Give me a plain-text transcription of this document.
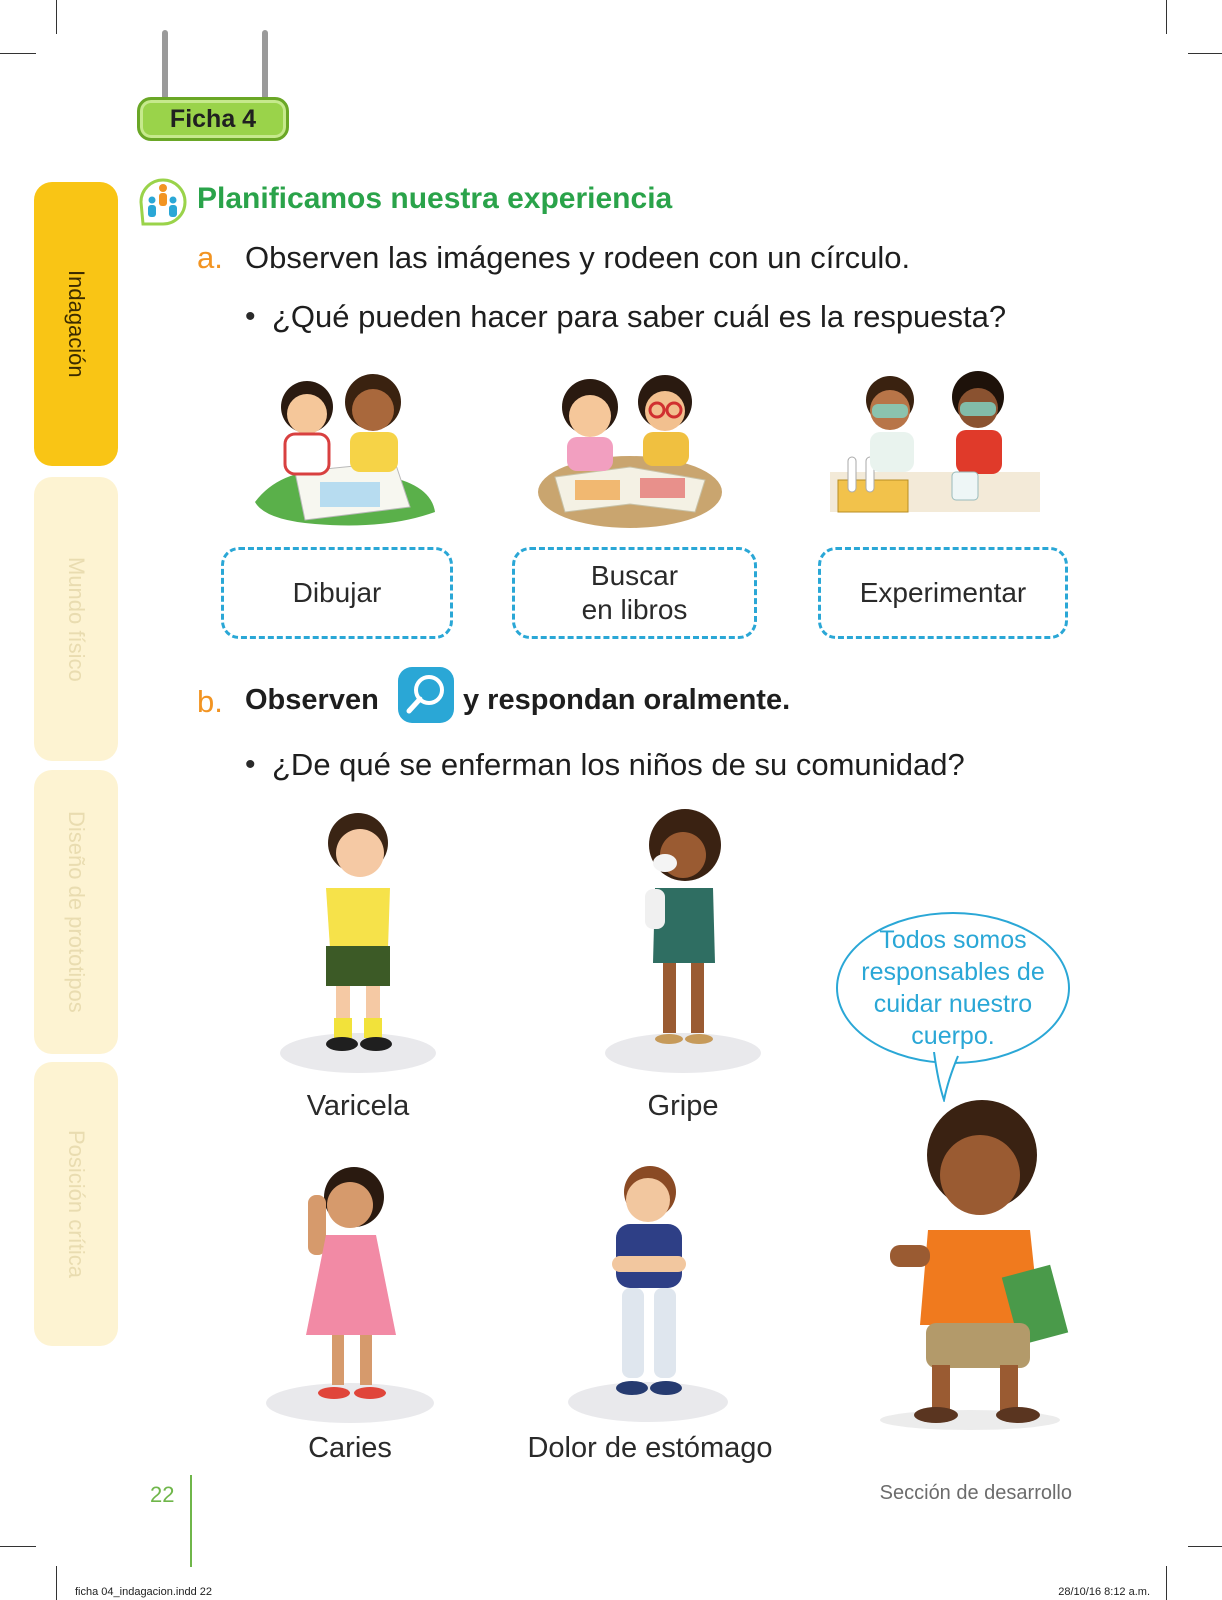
Ficha 4
Indagación
Mundo físico
Diseño de prototipos
Posición crítica
Planificamos nuestra experiencia
a. Observen las imágenes y rodeen con un círculo.
• ¿Qué pueden hacer para saber cuál es la respuesta?
Dibujar
Buscar
en libros
Experimentar
b. Observen	y respondan oralmente.
• ¿De qué se enferman los niños de su comunidad?
Varicela	Gripe
Caries	Dolor de estómago
Todos somos responsables de cuidar nuestro cuerpo.
22	Sección de desarrollo
ficha 04_indagacion.indd 22	28/10/16 8:12 a.m.
